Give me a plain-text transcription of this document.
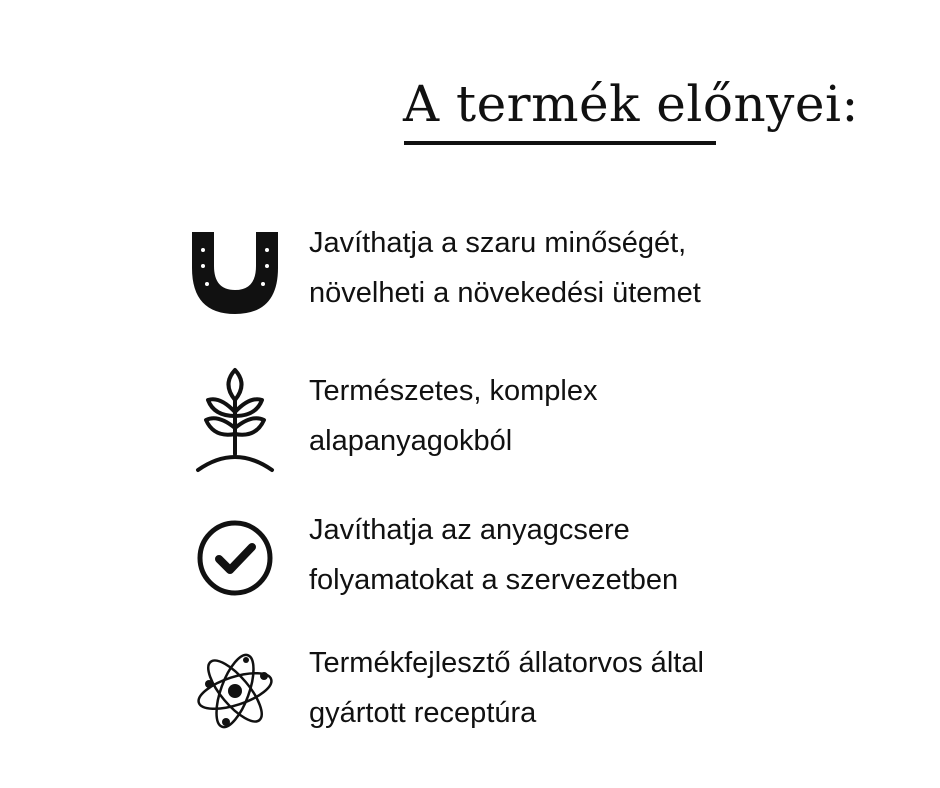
A termék előnyei:
Javíthatja a szaru minőségét,
növelheti a növekedési ütemet
Természetes, komplex
alapanyagokból
Javíthatja az anyagcsere
folyamatokat a szervezetben
Termékfejlesztő állatorvos által
gyártott receptúra
